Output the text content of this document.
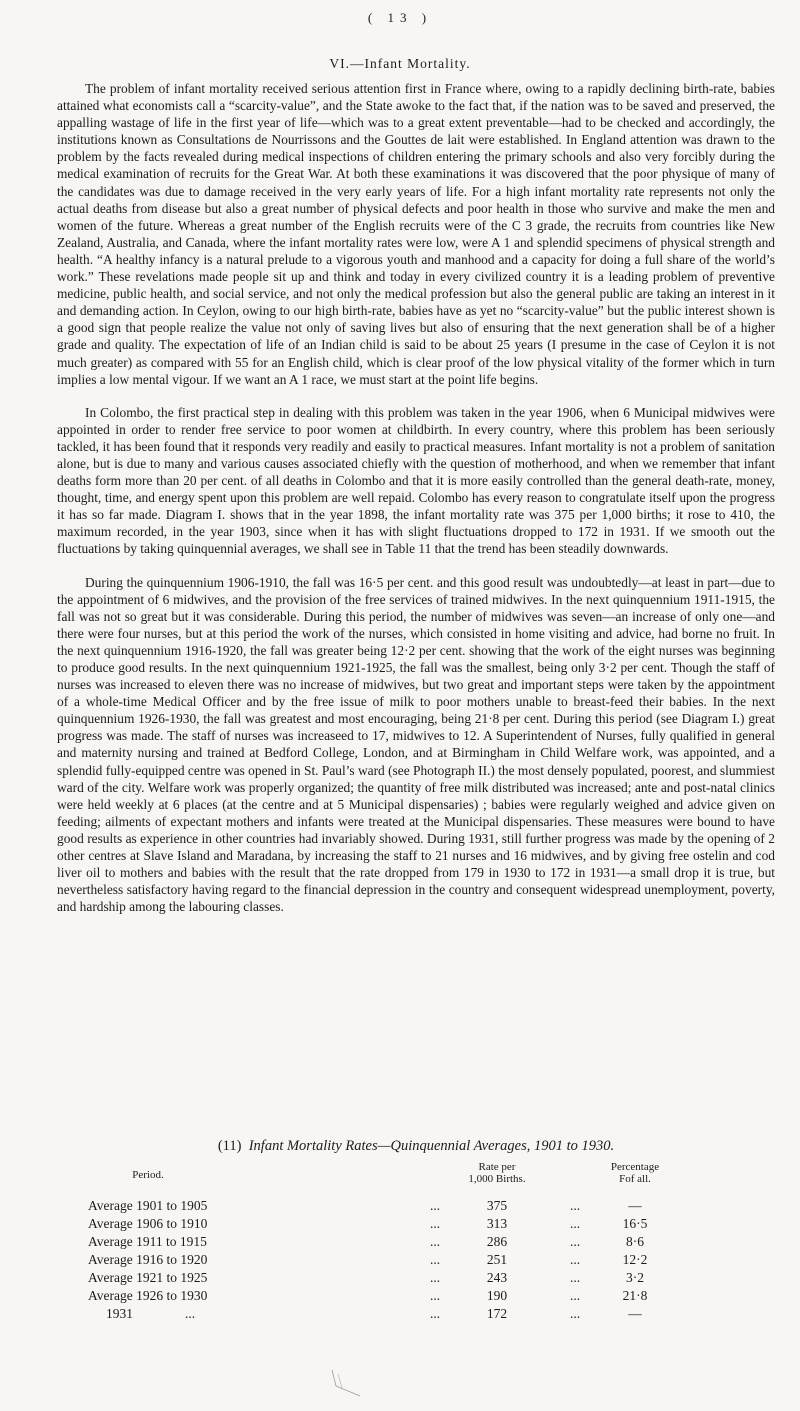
( 13 )
VI.—Infant Mortality.

The problem of infant mortality received serious attention first in France where, owing to a rapidly declining birth-rate, babies attained what economists call a “scarcity-value”, and the State awoke to the fact that, if the nation was to be saved and preserved, the appalling wastage of life in the first year of life—which was to a great extent preventable—had to be checked and accordingly, the institutions known as Consultations de Nourrissons and the Gouttes de lait were established. In England attention was drawn to the problem by the facts revealed during medical inspections of children entering the primary schools and also very forcibly during the medical examination of recruits for the Great War. At both these examinations it was discovered that the poor physique of many of the candidates was due to damage received in the very early years of life. For a high infant mortality rate represents not only the actual deaths from disease but also a great number of physical defects and poor health in those who survive and make the men and women of the future. Whereas a great number of the English recruits were of the C 3 grade, the recruits from countries like New Zealand, Australia, and Canada, where the infant mortality rates were low, were A 1 and splendid specimens of physical strength and health. “A healthy infancy is a natural prelude to a vigorous youth and manhood and a capacity for doing a full share of the world’s work.” These revelations made people sit up and think and today in every civilized country it is a leading problem of preventive medicine, public health, and social service, and not only the medical profession but also the general public are taking an interest in it and demanding action. In Ceylon, owing to our high birth-rate, babies have as yet no “scarcity-value” but the public interest shown is a good sign that people realize the value not only of saving lives but also of ensuring that the next generation shall be of a higher grade and quality. The expectation of life of an Indian child is said to be about 25 years (I presume in the case of Ceylon it is not much greater) as compared with 55 for an English child, which is clear proof of the low physical vitality of the former which in turn implies a low mental vigour. If we want an A 1 race, we must start at the point life begins.

In Colombo, the first practical step in dealing with this problem was taken in the year 1906, when 6 Municipal midwives were appointed in order to render free service to poor women at childbirth. In every country, where this problem has been seriously tackled, it has been found that it responds very readily and easily to practical measures. Infant mortality is not a problem of sanitation alone, but is due to many and various causes associated chiefly with the question of motherhood, and when we remember that infant deaths form more than 20 per cent. of all deaths in Colombo and that it is more easily controlled than the general death-rate, money, thought, time, and energy spent upon this problem are well repaid. Colombo has every reason to congratulate itself upon the progress it has so far made. Diagram I. shows that in the year 1898, the infant mortality rate was 375 per 1,000 births; it rose to 410, the maximum recorded, in the year 1903, since when it has with slight fluctuations dropped to 172 in 1931. If we smooth out the fluctuations by taking quinquennial averages, we shall see in Table 11 that the trend has been steadily downwards.

During the quinquennium 1906-1910, the fall was 16·5 per cent. and this good result was undoubtedly—at least in part—due to the appointment of 6 midwives, and the provision of the free services of trained midwives. In the next quinquennium 1911-1915, the fall was not so great but it was considerable. During this period, the number of midwives was seven—an increase of only one—and there were four nurses, but at this period the work of the nurses, which consisted in home visiting and advice, had borne no fruit. In the next quinquennium 1916-1920, the fall was greater being 12·2 per cent. showing that the work of the eight nurses was beginning to produce good results. In the next quinquennium 1921-1925, the fall was the smallest, being only 3·2 per cent. Though the staff of nurses was increased to eleven there was no increase of midwives, but two great and important steps were taken by the appointment of a whole-time Medical Officer and by the free issue of milk to poor mothers unable to breast-feed their babies. In the next quinquennium 1926-1930, the fall was greatest and most encouraging, being 21·8 per cent. During this period (see Diagram I.) great progress was made. The staff of nurses was increaseed to 17, midwives to 12. A Superintendent of Nurses, fully qualified in general and maternity nursing and trained at Bedford College, London, and at Birmingham in Child Welfare work, was appointed, and a splendid fully-equipped centre was opened in St. Paul’s ward (see Photograph II.) the most densely populated, poorest, and slummiest ward of the city. Welfare work was properly organized; the quantity of free milk distributed was increased; ante and post-natal clinics were held weekly at 6 places (at the centre and at 5 Municipal dispensaries) ; babies were regularly weighed and advice given on feeding; ailments of expectant mothers and infants were treated at the Municipal dispensaries. These measures were bound to have good results as experience in other countries had invariably showed. During 1931, still further progress was made by the opening of 2 other centres at Slave Island and Maradana, by increasing the staff to 21 nurses and 16 midwives, and by giving free ostelin and cod liver oil to mothers and babies with the result that the rate dropped from 179 in 1930 to 172 in 1931—a small drop it is true, but nevertheless satisfactory having regard to the financial depression in the country and consequent widespread unemployment, poverty, and hardship among the labouring classes.

(11) Infant Mortality Rates—Quinquennial Averages, 1901 to 1930.
Period.
Rate per
1,000 Births.
Percentage
Fof all.
Average 1901 to 1905	...	375	...	—
Average 1906 to 1910	...	313	...	16·5
Average 1911 to 1915	...	286	...	8·6
Average 1916 to 1920	...	251	...	12·2
Average 1921 to 1925	...	243	...	3·2
Average 1926 to 1930	...	190	...	21·8
1931	...	...	172	...	—
